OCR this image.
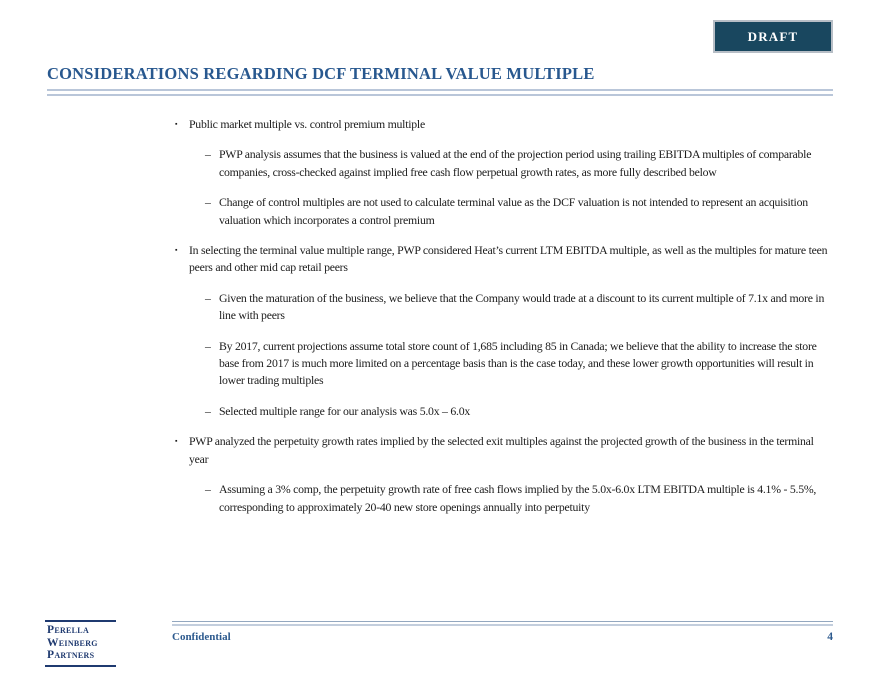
DRAFT
CONSIDERATIONS REGARDING DCF TERMINAL VALUE MULTIPLE
▪ Public market multiple vs. control premium multiple
– PWP analysis assumes that the business is valued at the end of the projection period using trailing EBITDA multiples of comparable companies, cross-checked against implied free cash flow perpetual growth rates, as more fully described below
– Change of control multiples are not used to calculate terminal value as the DCF valuation is not intended to represent an acquisition valuation which incorporates a control premium
▪ In selecting the terminal value multiple range, PWP considered Heat’s current LTM EBITDA multiple, as well as the multiples for mature teen peers and other mid cap retail peers
– Given the maturation of the business, we believe that the Company would trade at a discount to its current multiple of 7.1x and more in line with peers
– By 2017, current projections assume total store count of 1,685 including 85 in Canada; we believe that the ability to increase the store base from 2017 is much more limited on a percentage basis than is the case today, and these lower growth opportunities will result in lower trading multiples
– Selected multiple range for our analysis was 5.0x – 6.0x
▪ PWP analyzed the perpetuity growth rates implied by the selected exit multiples against the projected growth of the business in the terminal year
– Assuming a 3% comp, the perpetuity growth rate of free cash flows implied by the 5.0x-6.0x LTM EBITDA multiple is 4.1% - 5.5%, corresponding to approximately 20-40 new store openings annually into perpetuity
Perella
Weinberg
Partners
Confidential	4
